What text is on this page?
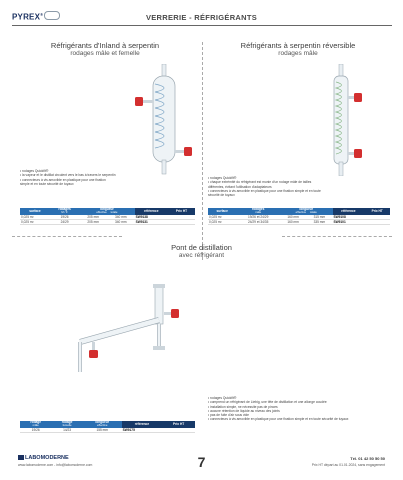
PYREX®	VERRERIE - RÉFRIGÉRANTS
Réfrigérants d'Inland à serpentin
rodages mâle et femelle
• rodages Quickfit®
• la vapeur et le distillat circulent vers le bas à travers le serpentin
• connecteurs à vis amovible en plastique pour une fixation simple et en toute sécurité de tuyaux
surface	rodages
M / F	longueur
effective totale		référence	Prix HT
0,025 m²	19/26	205 mm	340 mm	SW9138	
0,025 m²	24/29	205 mm	340 mm	SW9131	
Réfrigérants à serpentin réversible
rodages mâle
• rodages Quickfit®
• chaque extrémité du réfrigérant est munie d'un rodage mâle de tailles différentes, évitant l'utilisation d'adaptateurs
• connecteurs à vis amovible en plastique pour une fixation simple et en toute sécurité de tuyaux
surface	rodages
mâle	longueur
effective totale		référence	Prix HT
0,025 m²	19/26 et 24/29	160 mm	315 mm	SW9108	
0,025 m²	24/29 et 34/35	160 mm	335 mm	SW9101	
Pont de distillation
avec réfrigérant
• rodages Quickfit®
• comprend un réfrigérant de Liebig, une tête de distillation et une allonge coudée
• installation simple, ne nécessite pas de pinces
• aucune rétention de liquide au niveau des joints
• pas de fuite d'air sous vide
• connecteurs à vis amovible en plastique pour une fixation simple et en toute sécurité de tuyaux
rodage
mâle	rodage
femelle	longueur
effective	référence	Prix HT
19/26	14/23	155 mm	SW9175	
LABOMODERNE
www.labomoderne.com - info@labomoderne.com	7	Tél. 01 42 50 50 50
Prix HT départ au 01.01.2024, sans engagement
